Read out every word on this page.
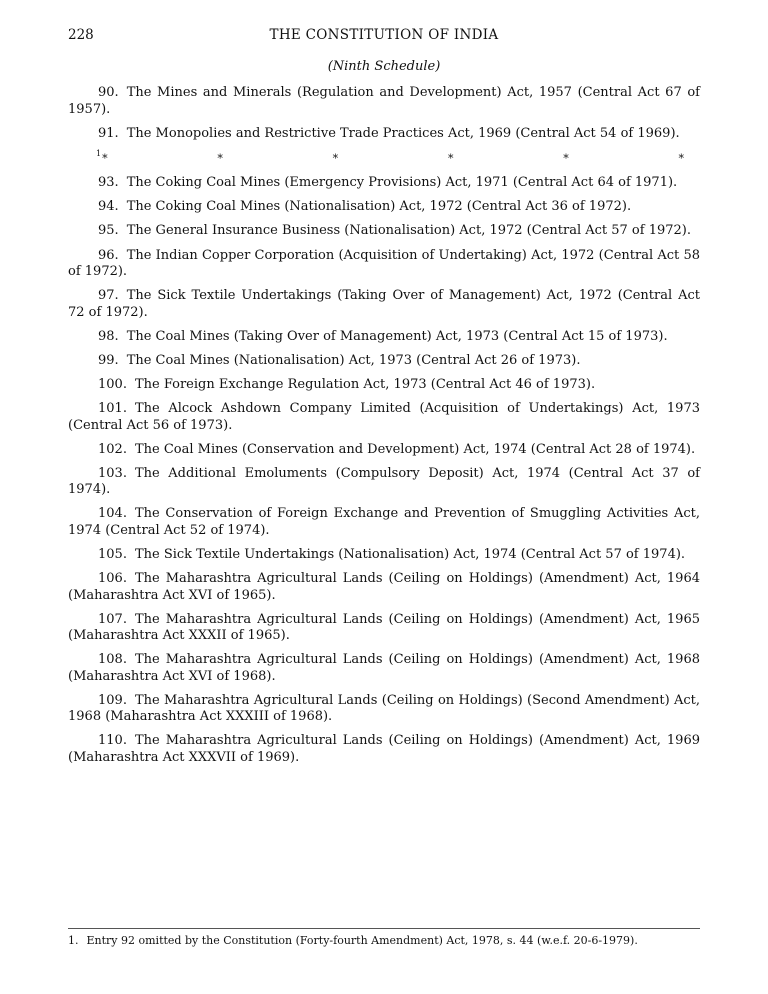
228	THE CONSTITUTION OF INDIA
(Ninth Schedule)

90. The Mines and Minerals (Regulation and Development) Act, 1957 (Central Act 67 of 1957).

91. The Monopolies and Restrictive Trade Practices Act, 1969 (Central Act 54 of 1969).

$^1$*	*	*	*	*	*

93. The Coking Coal Mines (Emergency Provisions) Act, 1971 (Central Act 64 of 1971).

94. The Coking Coal Mines (Nationalisation) Act, 1972 (Central Act 36 of 1972).

95. The General Insurance Business (Nationalisation) Act, 1972 (Central Act 57 of 1972).

96. The Indian Copper Corporation (Acquisition of Undertaking) Act, 1972 (Central Act 58 of 1972).

97. The Sick Textile Undertakings (Taking Over of Management) Act, 1972 (Central Act 72 of 1972).

98. The Coal Mines (Taking Over of Management) Act, 1973 (Central Act 15 of 1973).

99. The Coal Mines (Nationalisation) Act, 1973 (Central Act 26 of 1973).

100. The Foreign Exchange Regulation Act, 1973 (Central Act 46 of 1973).

101. The Alcock Ashdown Company Limited (Acquisition of Undertakings) Act, 1973 (Central Act 56 of 1973).

102. The Coal Mines (Conservation and Development) Act, 1974 (Central Act 28 of 1974).

103. The Additional Emoluments (Compulsory Deposit) Act, 1974 (Central Act 37 of 1974).

104. The Conservation of Foreign Exchange and Prevention of Smuggling Activities Act, 1974 (Central Act 52 of 1974).

105. The Sick Textile Undertakings (Nationalisation) Act, 1974 (Central Act 57 of 1974).

106. The Maharashtra Agricultural Lands (Ceiling on Holdings) (Amendment) Act, 1964 (Maharashtra Act XVI of 1965).

107. The Maharashtra Agricultural Lands (Ceiling on Holdings) (Amendment) Act, 1965 (Maharashtra Act XXXII of 1965).

108. The Maharashtra Agricultural Lands (Ceiling on Holdings) (Amendment) Act, 1968 (Maharashtra Act XVI of 1968).

109. The Maharashtra Agricultural Lands (Ceiling on Holdings) (Second Amendment) Act, 1968 (Maharashtra Act XXXIII of 1968).

110. The Maharashtra Agricultural Lands (Ceiling on Holdings) (Amendment) Act, 1969 (Maharashtra Act XXXVII of 1969).

1. Entry 92 omitted by the Constitution (Forty-fourth Amendment) Act, 1978, s. 44 (w.e.f. 20-6-1979).
